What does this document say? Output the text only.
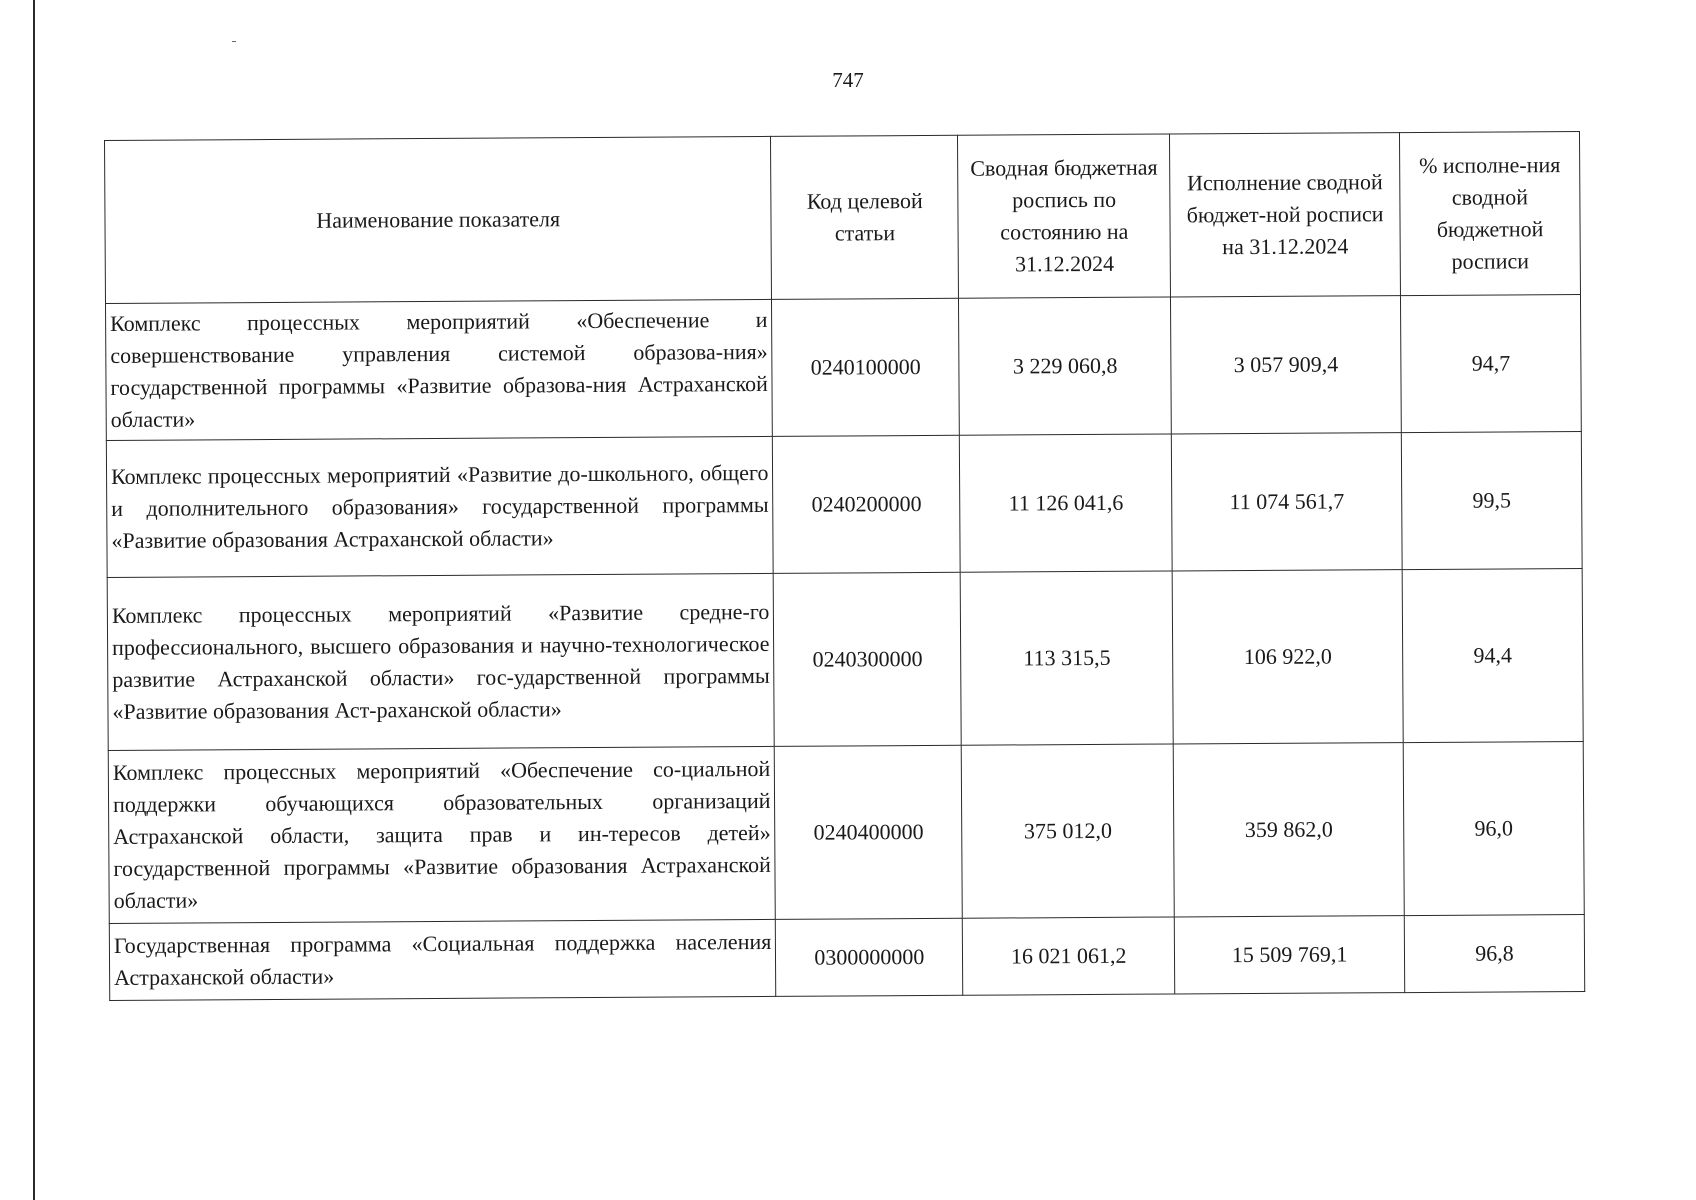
747
Наименование показателя	Код целевой статьи	Сводная бюджетная роспись по состоянию на 31.12.2024	Исполнение сводной бюджет-ной росписи на 31.12.2024	% исполне-ния сводной бюджетной росписи
Комплекс процессных мероприятий «Обеспечение и совершенствование управления системой образова-ния» государственной программы «Развитие образова-ния Астраханской области»	0240100000	3 229 060,8	3 057 909,4	94,7
Комплекс процессных мероприятий «Развитие до-школьного, общего и дополнительного образования» государственной программы «Развитие образования Астраханской области»	0240200000	11 126 041,6	11 074 561,7	99,5
Комплекс процессных мероприятий «Развитие средне-го профессионального, высшего образования и научно-технологическое развитие Астраханской области» гос-ударственной программы «Развитие образования Аст-раханской области»	0240300000	113 315,5	106 922,0	94,4
Комплекс процессных мероприятий «Обеспечение со-циальной поддержки обучающихся образовательных организаций Астраханской области, защита прав и ин-тересов детей» государственной программы «Развитие образования Астраханской области»	0240400000	375 012,0	359 862,0	96,0
Государственная программа «Социальная поддержка населения Астраханской области»	0300000000	16 021 061,2	15 509 769,1	96,8
